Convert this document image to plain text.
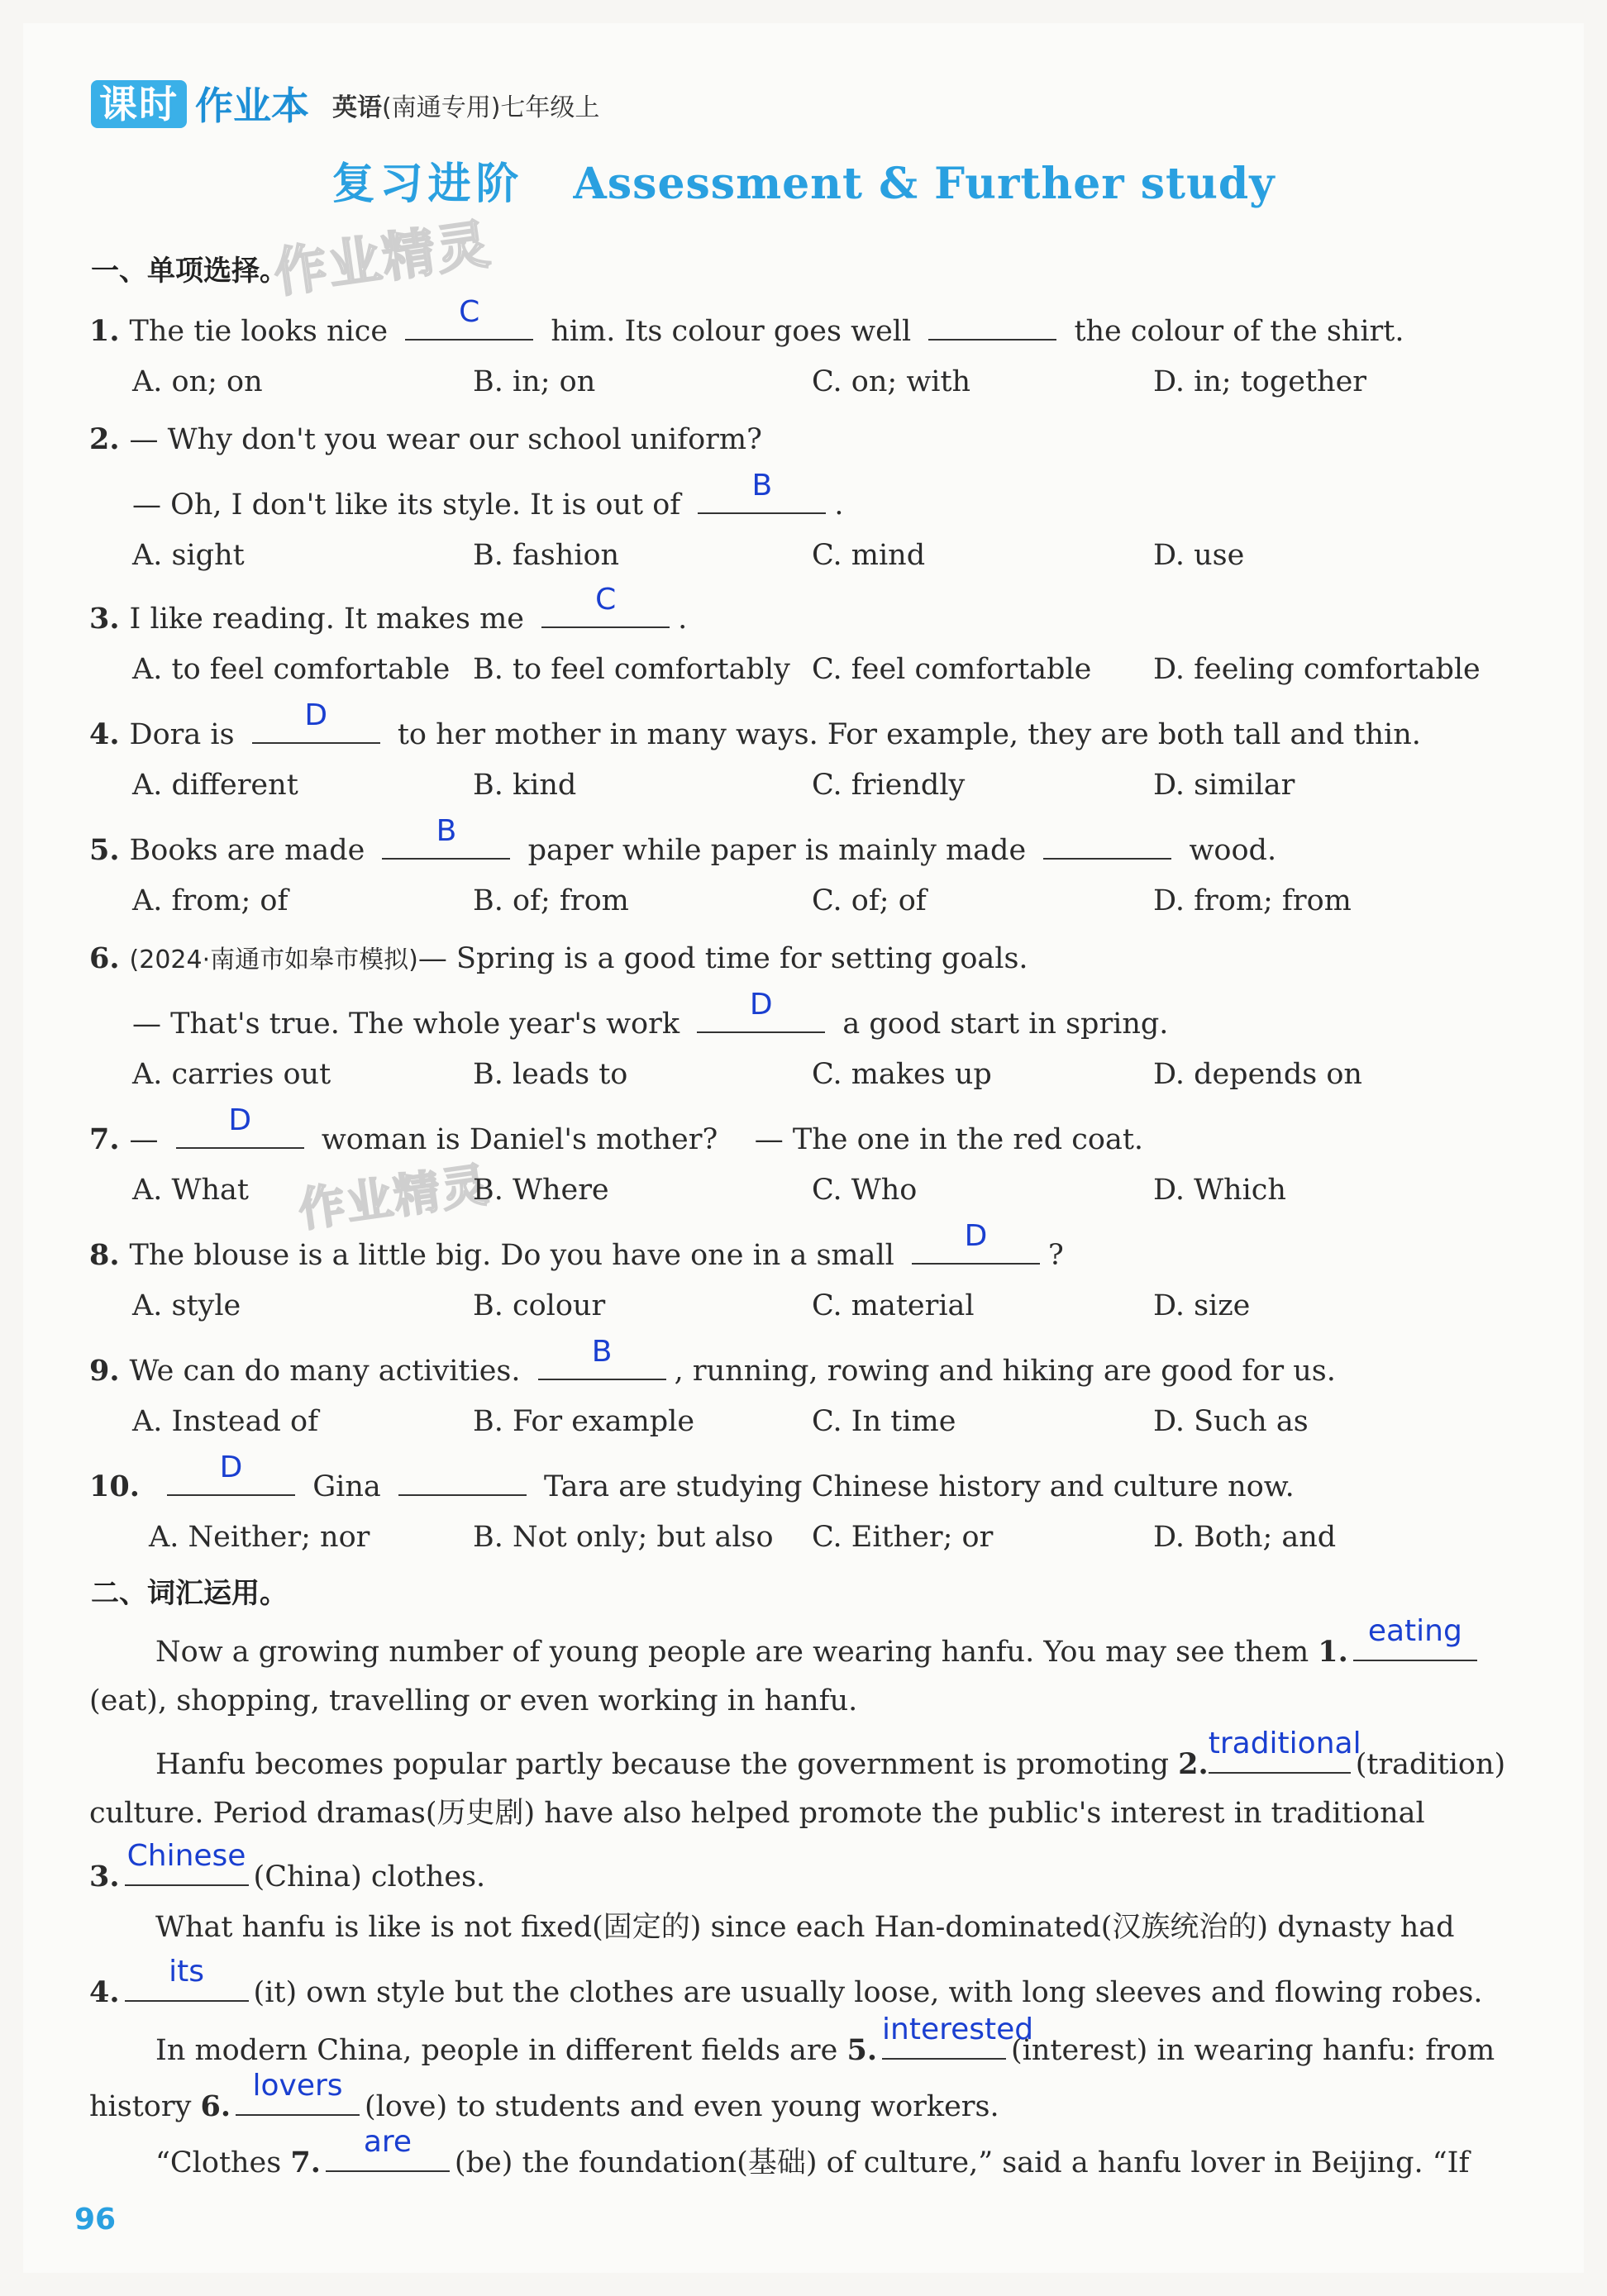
课时 作业本 英语(南通专用)七年级上
复习进阶 Assessment & Further study
作业精灵
作业精灵
一、单项选择。
1. The tie looks nice
C
him. Its colour goes well	the colour of the shirt.
A. on; on	B. in; on	C. on; with	D. in; together
2. — Why don't you wear our school uniform?
— Oh, I don't like its style. It is out of
B
.
A. sight	B. fashion	C. mind	D. use
3. I like reading. It makes me
C
.
A. to feel comfortable B. to feel comfortably C. feel comfortable D. feeling comfortable
4. Dora is
D
to her mother in many ways. For example, they are both tall and thin.
A. different	B. kind	C. friendly	D. similar
5. Books are made
B
paper while paper is mainly made	wood.
A. from; of	B. of; from	C. of; of	D. from; from
6. (2024·南通市如皋市模拟)— Spring is a good time for setting goals.
— That's true. The whole year's work
D
a good start in spring.
A. carries out	B. leads to	C. makes up	D. depends on
7. —
D
woman is Daniel's mother?    — The one in the red coat.
A. What	B. Where	C. Who	D. Which
8. The blouse is a little big. Do you have one in a small
D
?
A. style	B. colour	C. material	D. size
9. We can do many activities.
B
, running, rowing and hiking are good for us.
A. Instead of	B. For example	C. In time	D. Such as
10.
D
Gina	Tara are studying Chinese history and culture now.
A. Neither; nor	B. Not only; but also C. Either; or	D. Both; and
二、词汇运用。
Now a growing number of young people are wearing hanfu. You may see them 1.
eating
(eat), shopping, travelling or even working in hanfu.
Hanfu becomes popular partly because the government is promoting 2.
traditional
(tradition)
culture. Period dramas(历史剧) have also helped promote the public's interest in traditional
3.
Chinese
(China) clothes.
What hanfu is like is not fixed(固定的) since each Han-dominated(汉族统治的) dynasty had
4.
its
(it) own style but the clothes are usually loose, with long sleeves and flowing robes.
In modern China, people in different fields are 5.
interested
(interest) in wearing hanfu: from
history 6.
lovers
(love) to students and even young workers.
“Clothes 7.
are
(be) the foundation(基础) of culture,” said a hanfu lover in Beijing. “If
96
